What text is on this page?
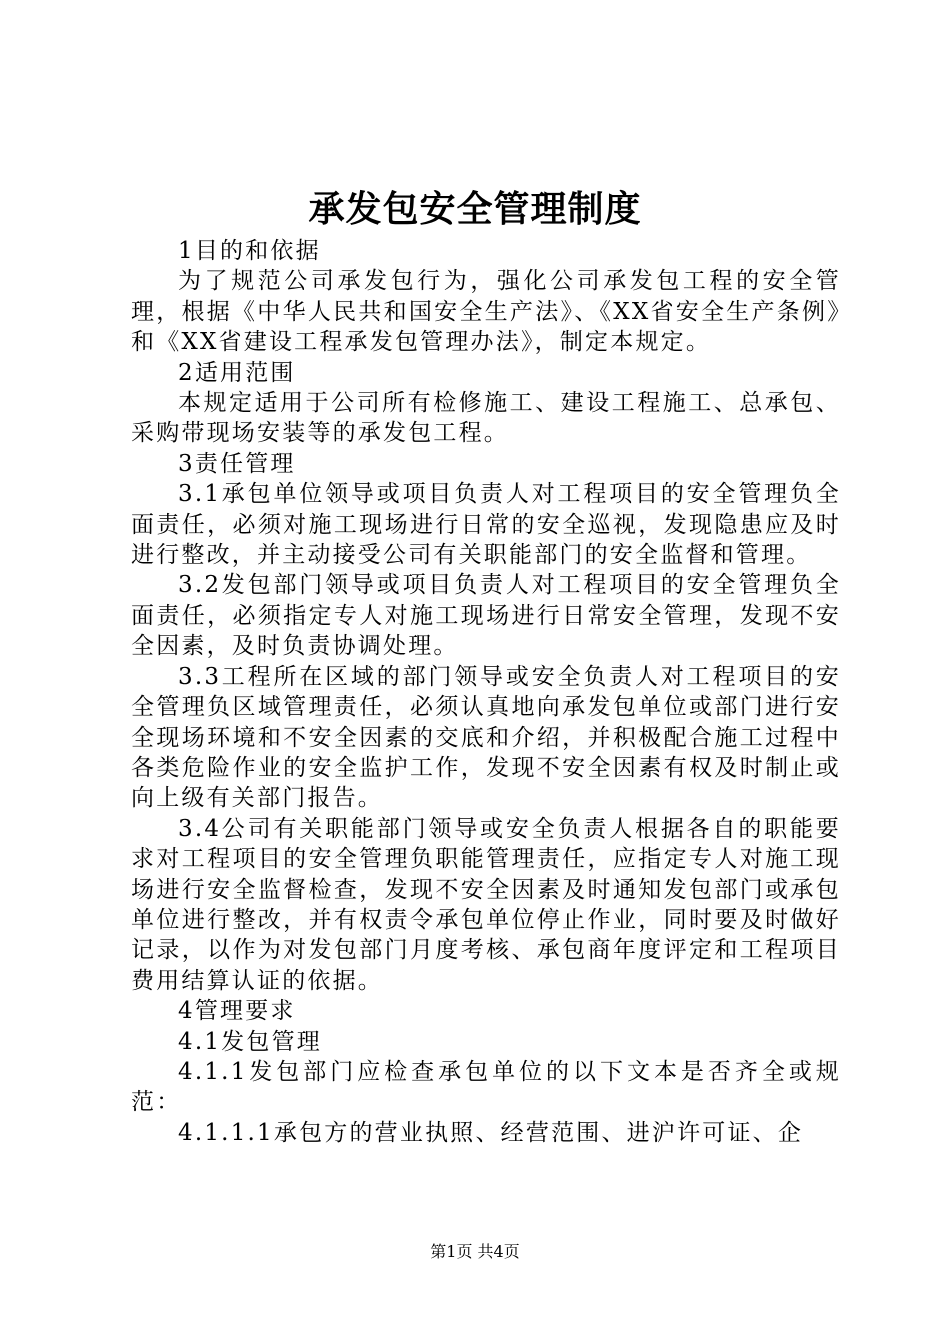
承发包安全管理制度
1目的和依据
为了规范公司承发包行为，强化公司承发包工程的安全管理，根据《中华人民共和国安全生产法》、《XX省安全生产条例》和《XX省建设工程承发包管理办法》，制定本规定。
2适用范围
本规定适用于公司所有检修施工、建设工程施工、总承包、采购带现场安装等的承发包工程。
3责任管理
3.1承包单位领导或项目负责人对工程项目的安全管理负全面责任，必须对施工现场进行日常的安全巡视，发现隐患应及时进行整改，并主动接受公司有关职能部门的安全监督和管理。
3.2发包部门领导或项目负责人对工程项目的安全管理负全面责任，必须指定专人对施工现场进行日常安全管理，发现不安全因素，及时负责协调处理。
3.3工程所在区域的部门领导或安全负责人对工程项目的安全管理负区域管理责任，必须认真地向承发包单位或部门进行安全现场环境和不安全因素的交底和介绍，并积极配合施工过程中各类危险作业的安全监护工作，发现不安全因素有权及时制止或向上级有关部门报告。
3.4公司有关职能部门领导或安全负责人根据各自的职能要求对工程项目的安全管理负职能管理责任，应指定专人对施工现场进行安全监督检查，发现不安全因素及时通知发包部门或承包单位进行整改，并有权责令承包单位停止作业，同时要及时做好记录，以作为对发包部门月度考核、承包商年度评定和工程项目费用结算认证的依据。
4管理要求
4.1发包管理
4.1.1发包部门应检查承包单位的以下文本是否齐全或规范：
4.1.1.1承包方的营业执照、经营范围、进沪许可证、企
第1页 共4页
